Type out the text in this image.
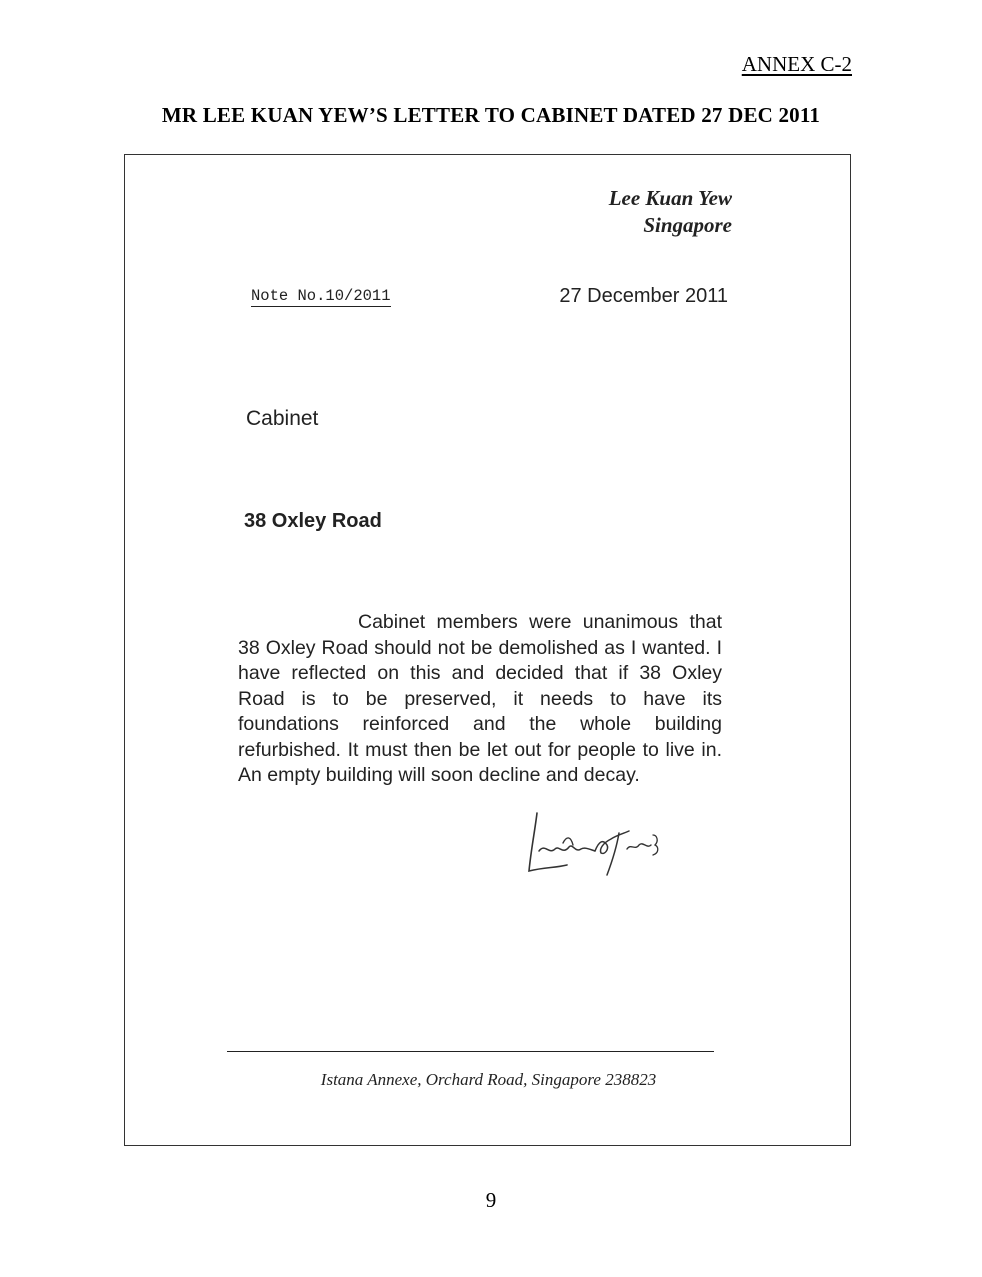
ANNEX C-2
MR LEE KUAN YEW’S LETTER TO CABINET DATED 27 DEC 2011
Lee Kuan Yew
Singapore
Note No.10/2011	27 December 2011
Cabinet
38 Oxley Road

Cabinet members were unanimous that 38 Oxley Road should not be demolished as I wanted. I have reflected on this and decided that if 38 Oxley Road is to be preserved, it needs to have its foundations reinforced and the whole building refurbished. It must then be let out for people to live in. An empty building will soon decline and decay.

Istana Annexe, Orchard Road, Singapore 238823
9
